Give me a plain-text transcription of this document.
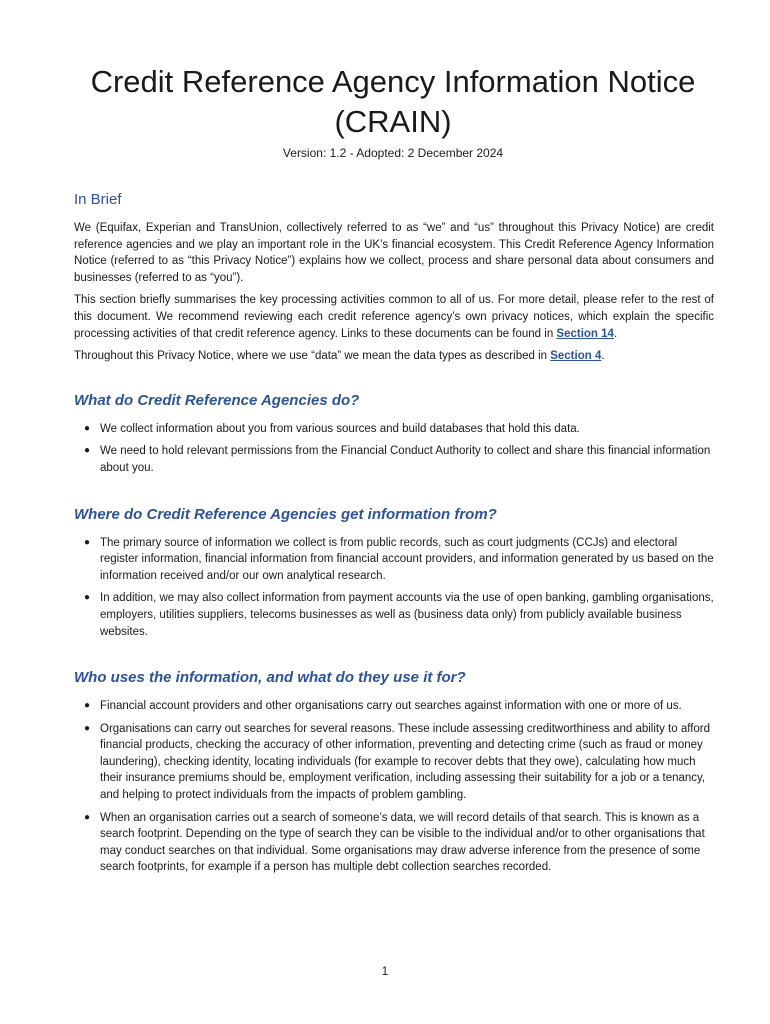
Credit Reference Agency Information Notice (CRAIN)
Version: 1.2 - Adopted: 2 December 2024
In Brief

We (Equifax, Experian and TransUnion, collectively referred to as “we” and “us” throughout this Privacy Notice) are credit reference agencies and we play an important role in the UK’s financial ecosystem. This Credit Reference Agency Information Notice (referred to as “this Privacy Notice”) explains how we collect, process and share personal data about consumers and businesses (referred to as “you”).

This section briefly summarises the key processing activities common to all of us. For more detail, please refer to the rest of this document. We recommend reviewing each credit reference agency’s own privacy notices, which explain the specific processing activities of that credit reference agency. Links to these documents can be found in Section 14.

Throughout this Privacy Notice, where we use “data” we mean the data types as described in Section 4.

What do Credit Reference Agencies do?
● We collect information about you from various sources and build databases that hold this data.
● We need to hold relevant permissions from the Financial Conduct Authority to collect and share this financial information about you.
Where do Credit Reference Agencies get information from?
● The primary source of information we collect is from public records, such as court judgments (CCJs) and electoral register information, financial information from financial account providers, and information generated by us based on the information received and/or our own analytical research.
● In addition, we may also collect information from payment accounts via the use of open banking, gambling organisations, employers, utilities suppliers, telecoms businesses as well as (business data only) from publicly available business websites.
Who uses the information, and what do they use it for?
● Financial account providers and other organisations carry out searches against information with one or more of us.
● Organisations can carry out searches for several reasons. These include assessing creditworthiness and ability to afford financial products, checking the accuracy of other information, preventing and detecting crime (such as fraud or money laundering), checking identity, locating individuals (for example to recover debts that they owe), calculating how much their insurance premiums should be, employment verification, including assessing their suitability for a job or a tenancy, and helping to protect individuals from the impacts of problem gambling.
● When an organisation carries out a search of someone’s data, we will record details of that search. This is known as a search footprint. Depending on the type of search they can be visible to the individual and/or to other organisations that may conduct searches on that individual. Some organisations may draw adverse inference from the presence of some search footprints, for example if a person has multiple debt collection searches recorded.
1
